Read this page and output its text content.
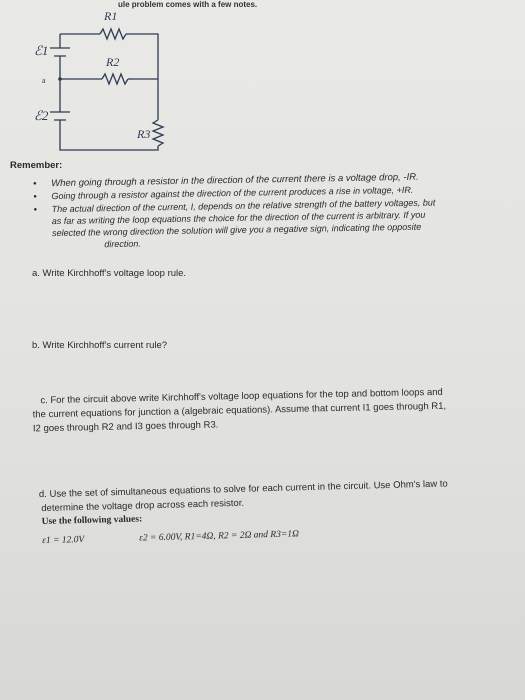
ule problem comes with a few notes.
R1
R2
R3
ℰ1
ℰ2
a
Remember:
• When going through a resistor in the direction of the current there is a voltage drop, -IR.
• Going through a resistor against the direction of the current produces a rise in voltage, +IR.
• The actual direction of the current, I, depends on the relative strength of the battery voltages, but
as far as writing the loop equations the choice for the direction of the current is arbitrary. If you
selected the wrong direction the solution will give you a negative sign, indicating the opposite
direction.
a. Write Kirchhoff's voltage loop rule.
b. Write Kirchhoff's current rule?
c. For the circuit above write Kirchhoff's voltage loop equations for the top and bottom loops and
the current equations for junction a (algebraic equations). Assume that current I1 goes through R1,
I2 goes through R2 and I3 goes through R3.
d. Use the set of simultaneous equations to solve for each current in the circuit. Use Ohm's law to
determine the voltage drop across each resistor.
Use the following values:
ε1 = 12.0V	ε2 = 6.00V, R1=4Ω, R2 = 2Ω and R3=1Ω
